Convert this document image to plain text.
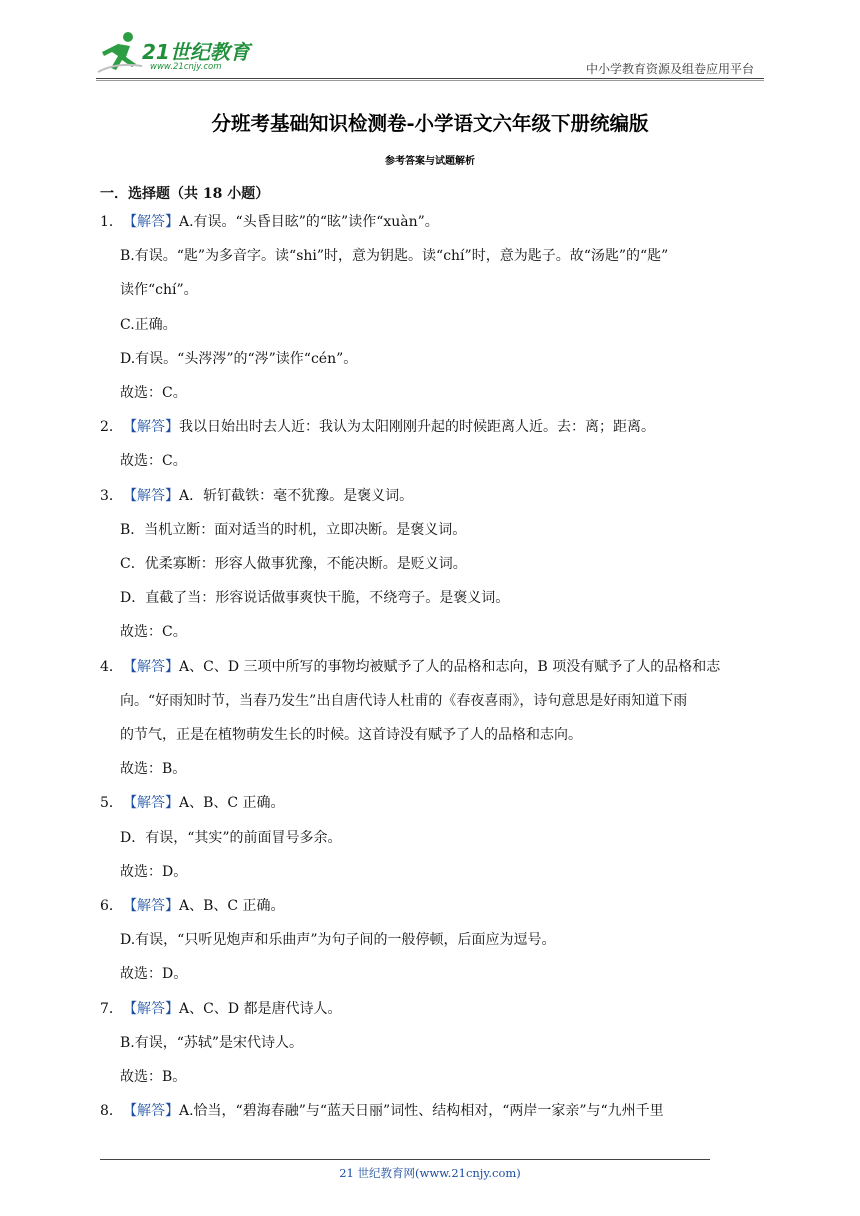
21世纪教育
www.21cnjy.com	中小学教育资源及组卷应用平台
分班考基础知识检测卷-小学语文六年级下册统编版
参考答案与试题解析
一．选择题（共 18 小题）
1．【解答】A.有误。“头昏目眩”的“眩”读作“xuàn”。
B.有误。“匙”为多音字。读“shi”时，意为钥匙。读“chí”时，意为匙子。故“汤匙”的“匙”
读作“chí”。
C.正确。
D.有误。“头涔涔”的“涔”读作“cén”。
故选：C。
2．【解答】我以日始出时去人近：我认为太阳刚刚升起的时候距离人近。去：离；距离。
故选：C。
3．【解答】A．斩钉截铁：毫不犹豫。是褒义词。
B．当机立断：面对适当的时机，立即决断。是褒义词。
C．优柔寡断：形容人做事犹豫，不能决断。是贬义词。
D．直截了当：形容说话做事爽快干脆，不绕弯子。是褒义词。
故选：C。
4．【解答】A、C、D 三项中所写的事物均被赋予了人的品格和志向，B 项没有赋予了人的品格和志
向。“好雨知时节，当春乃发生”出自唐代诗人杜甫的《春夜喜雨》，诗句意思是好雨知道下雨
的节气，正是在植物萌发生长的时候。这首诗没有赋予了人的品格和志向。
故选：B。
5．【解答】A、B、C 正确。
D．有误，“其实”的前面冒号多余。
故选：D。
6．【解答】A、B、C 正确。
D.有误，“只听见炮声和乐曲声”为句子间的一般停顿，后面应为逗号。
故选：D。
7．【解答】A、C、D 都是唐代诗人。
B.有误，“苏轼”是宋代诗人。
故选：B。
8．【解答】A.恰当，“碧海春融”与“蓝天日丽”词性、结构相对，“两岸一家亲”与“九州千里
21 世纪教育网(www.21cnjy.com)
